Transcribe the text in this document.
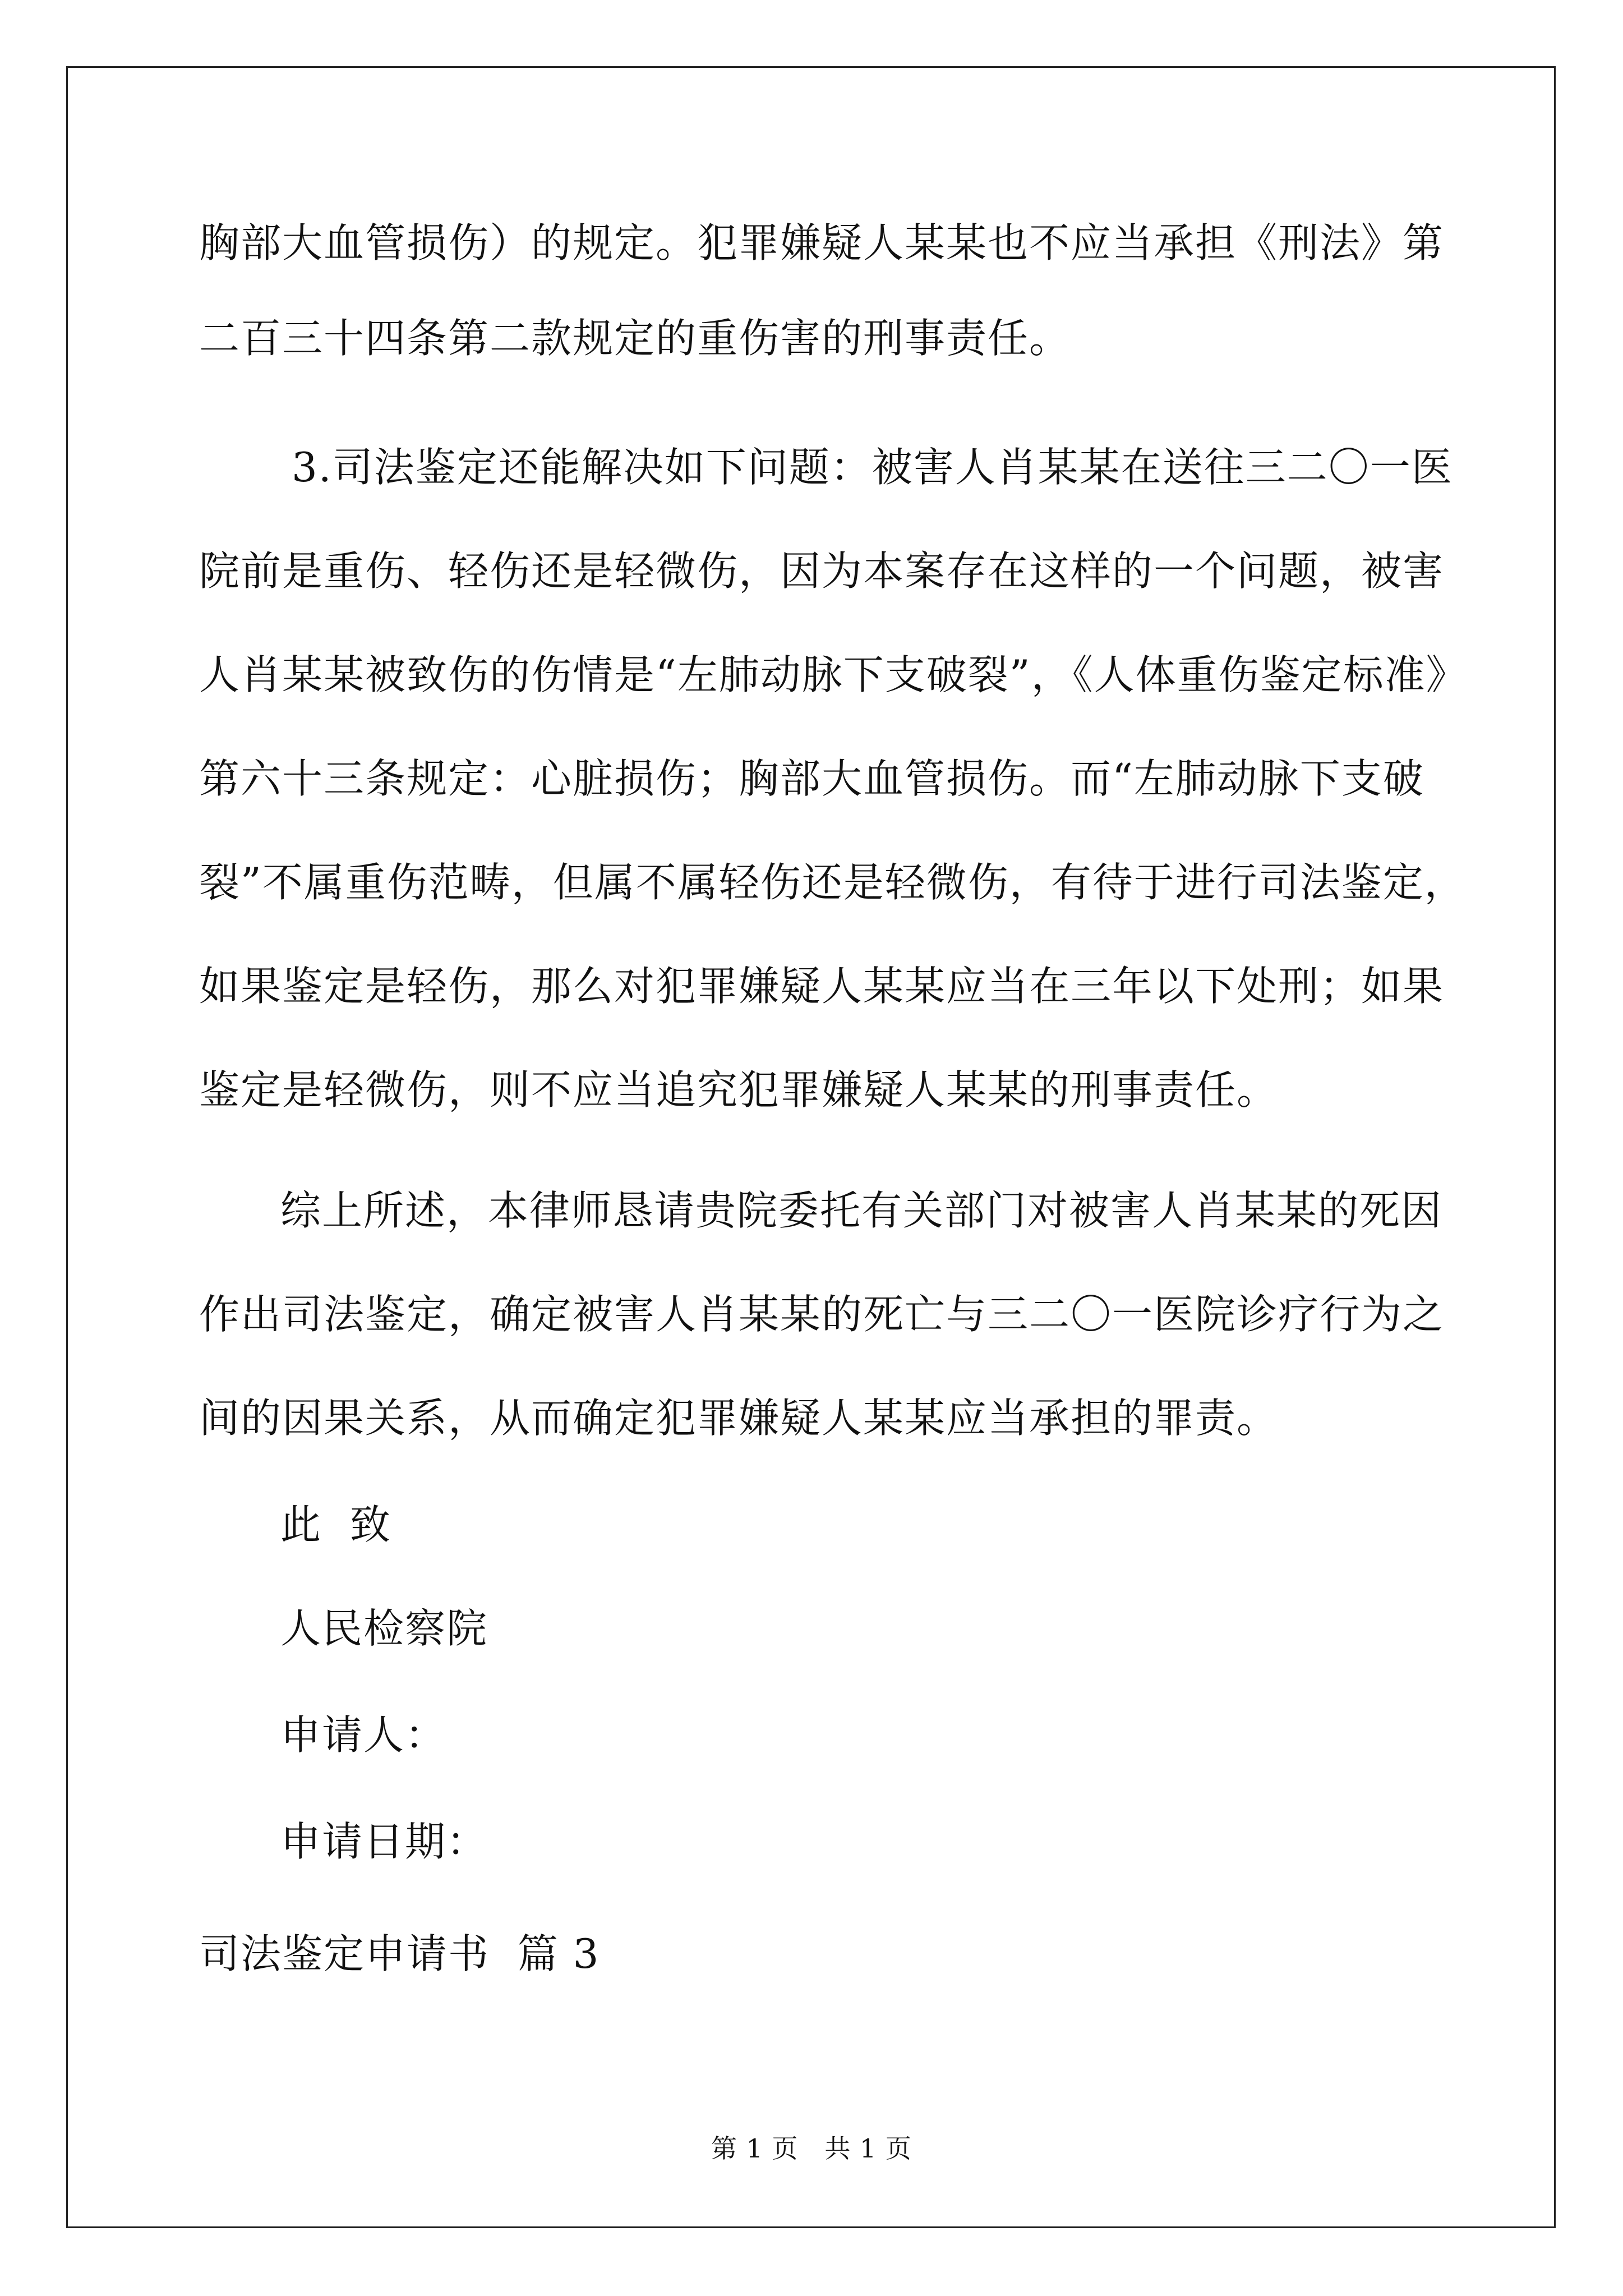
胸部大血管损伤）的规定。犯罪嫌疑人某某也不应当承担《刑法》第
二百三十四条第二款规定的重伤害的刑事责任。
3.司法鉴定还能解决如下问题：被害人肖某某在送往三二〇一医
院前是重伤、轻伤还是轻微伤，因为本案存在这样的一个问题，被害
人肖某某被致伤的伤情是“左肺动脉下支破裂”，《人体重伤鉴定标准》
第六十三条规定：心脏损伤；胸部大血管损伤。而“左肺动脉下支破
裂”不属重伤范畴，但属不属轻伤还是轻微伤，有待于进行司法鉴定，
如果鉴定是轻伤，那么对犯罪嫌疑人某某应当在三年以下处刑；如果
鉴定是轻微伤，则不应当追究犯罪嫌疑人某某的刑事责任。
综上所述，本律师恳请贵院委托有关部门对被害人肖某某的死因
作出司法鉴定，确定被害人肖某某的死亡与三二〇一医院诊疗行为之
间的因果关系，从而确定犯罪嫌疑人某某应当承担的罪责。
此  致
人民检察院
申请人：
申请日期：
司法鉴定申请书  篇 3
第 1 页   共 1 页
